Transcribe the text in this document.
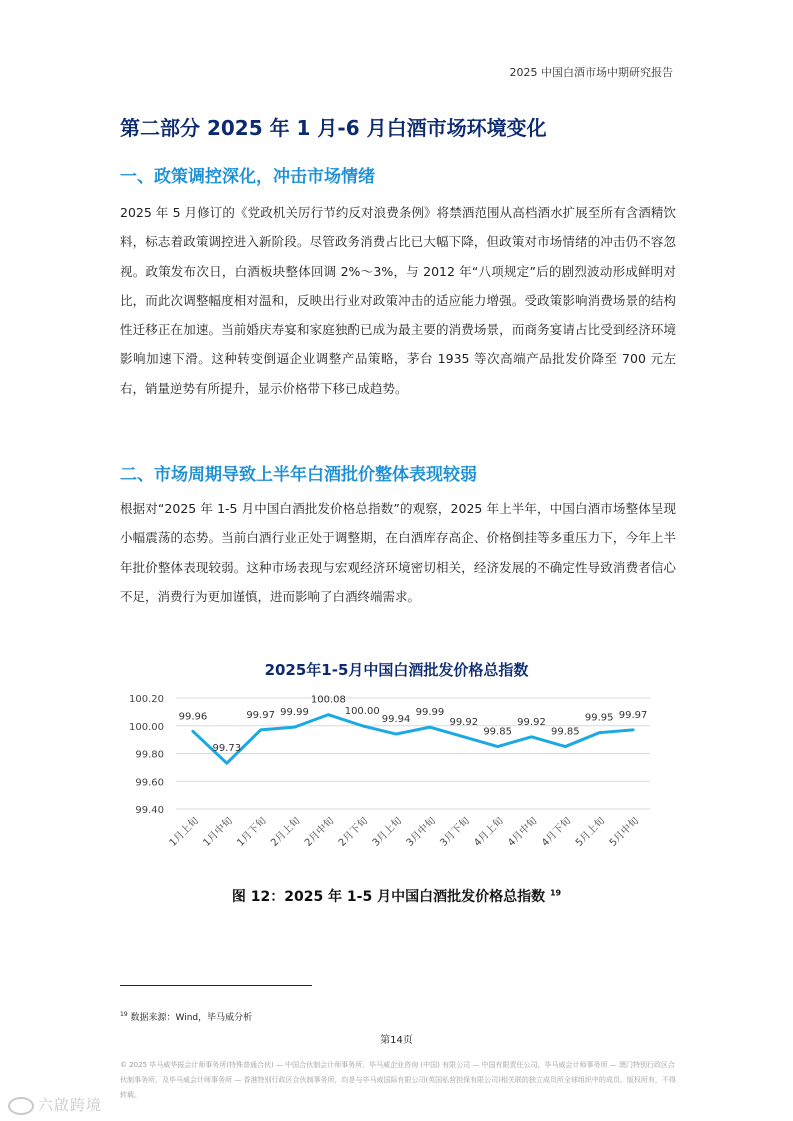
2025 中国白酒市场中期研究报告
第二部分 2025 年 1 月-6 月白酒市场环境变化
一、政策调控深化，冲击市场情绪

2025 年 5 月修订的《党政机关厉行节约反对浪费条例》将禁酒范围从高档酒水扩展至所有含酒精饮料，标志着政策调控进入新阶段。尽管政务消费占比已大幅下降，但政策对市场情绪的冲击仍不容忽视。政策发布次日，白酒板块整体回调 2%～3%，与 2012 年“八项规定”后的剧烈波动形成鲜明对比，而此次调整幅度相对温和，反映出行业对政策冲击的适应能力增强。受政策影响消费场景的结构性迁移正在加速。当前婚庆寿宴和家庭独酌已成为最主要的消费场景，而商务宴请占比受到经济环境影响加速下滑。这种转变倒逼企业调整产品策略，茅台 1935 等次高端产品批发价降至 700 元左右，销量逆势有所提升，显示价格带下移已成趋势。

二、市场周期导致上半年白酒批价整体表现较弱

根据对“2025 年 1-5 月中国白酒批发价格总指数”的观察，2025 年上半年，中国白酒市场整体呈现小幅震荡的态势。当前白酒行业正处于调整期，在白酒库存高企、价格倒挂等多重压力下，今年上半年批价整体表现较弱。这种市场表现与宏观经济环境密切相关，经济发展的不确定性导致消费者信心不足，消费行为更加谨慎，进而影响了白酒终端需求。

2025年1-5月中国白酒批发价格总指数
100.20
100.00
99.80
99.60
99.40
1月上旬 1月中旬 1月下旬 2月上旬 2月中旬 2月下旬 3月上旬 3月中旬 3月下旬 4月上旬 4月中旬 4月下旬 5月上旬 5月中旬
99.96
99.73
99.97 99.99
100.08
100.00
99.94
99.99
99.92
99.85
99.92
99.85
99.95 99.97
图 12：2025 年 1-5 月中国白酒批发价格总指数 $^{19}$
$^{19}$ 数据来源：Wind，毕马威分析
第14页
© 2025 毕马威华振会计师事务所(特殊普通合伙) — 中国合伙制会计师事务所，毕马威企业咨询 (中国) 有限公司 — 中国有限责任公司，毕马威会计师事务所 — 澳门特别行政区合伙制事务所，及毕马威会计师事务所 — 香港特别行政区合伙制事务所，均是与毕马威国际有限公司(英国私营担保有限公司)相关联的独立成员所全球组织中的成员。版权所有，不得转载。
六啟跨境
